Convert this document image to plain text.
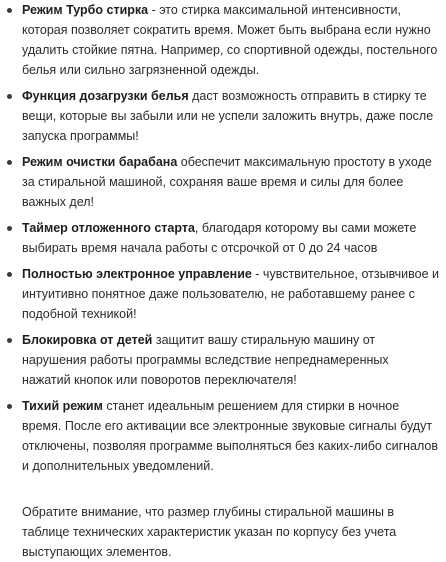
Режим Турбо стирка - это стирка максимальной интенсивности, которая позволяет сократить время. Может быть выбрана если нужно удалить стойкие пятна. Например, со спортивной одежды, постельного белья или сильно загрязненной одежды.
Функция дозагрузки белья даст возможность отправить в стирку те вещи, которые вы забыли или не успели заложить внутрь, даже после запуска программы!
Режим очистки барабана обеспечит максимальную простоту в уходе за стиральной машиной, сохраняя ваше время и силы для более важных дел!
Таймер отложенного старта, благодаря которому вы сами можете выбирать время начала работы с отсрочкой от 0 до 24 часов
Полностью электронное управление - чувствительное, отзывчивое и интуитивно понятное даже пользователю, не работавшему ранее с подобной техникой!
Блокировка от детей защитит вашу стиральную машину от нарушения работы программы вследствие непреднамеренных нажатий кнопок или поворотов переключателя!
Тихий режим станет идеальным решением для стирки в ночное время. После его активации все электронные звуковые сигналы будут отключены, позволяя программе выполняться без каких-либо сигналов и дополнительных уведомлений.

Обратите внимание, что размер глубины стиральной машины в таблице технических характеристик указан по корпусу без учета выступающих элементов.
